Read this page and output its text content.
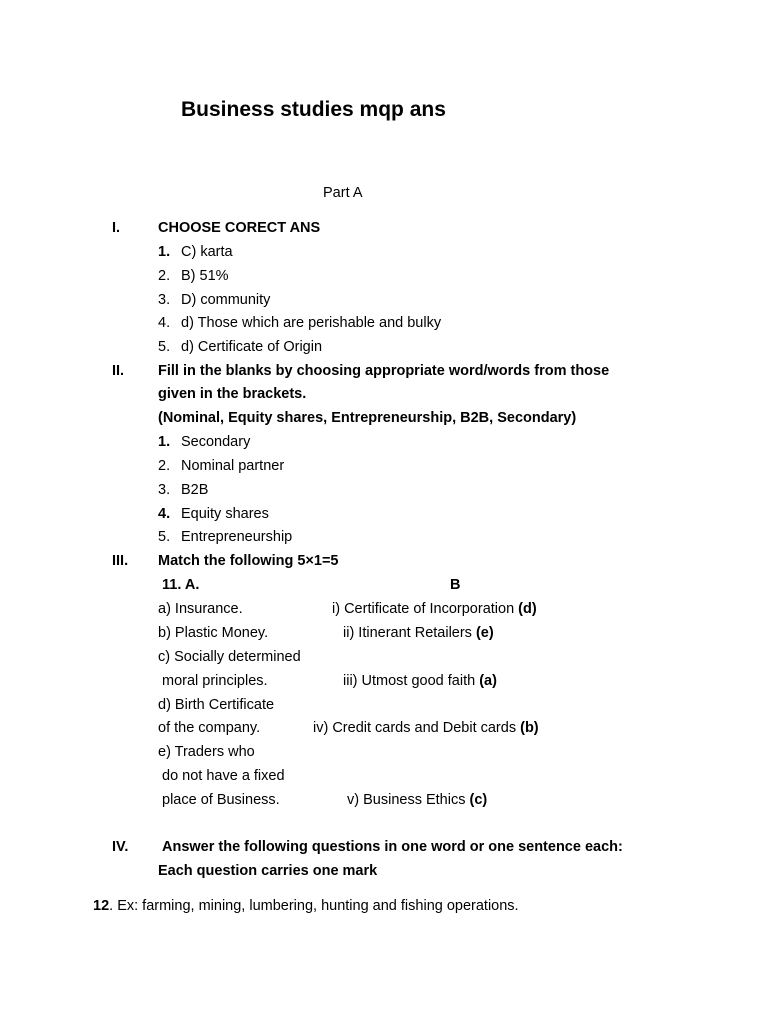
Business studies mqp ans
Part A
I.	CHOOSE CORECT ANS
1. C) karta
2. B) 51%
3. D) community
4. d) Those which are perishable and bulky
5. d) Certificate of Origin
II. Fill in the blanks by choosing appropriate word/words from those
given in the brackets.
(Nominal, Equity shares, Entrepreneurship, B2B, Secondary)
1. Secondary
2. Nominal partner
3. B2B
4. Equity shares
5. Entrepreneurship
III. Match the following 5×1=5
11. A.	B
a) Insurance.
b) Plastic Money.
c) Socially determined
moral principles.
d) Birth Certificate
of the company.
e) Traders who
do not have a fixed
place of Business.
i) Certificate of Incorporation (d)
ii) Itinerant Retailers (e)
iii) Utmost good faith (a)
iv) Credit cards and Debit cards (b)
v) Business Ethics (c)
IV. Answer the following questions in one word or one sentence each:
Each question carries one mark
12. Ex: farming, mining, lumbering, hunting and fishing operations.
